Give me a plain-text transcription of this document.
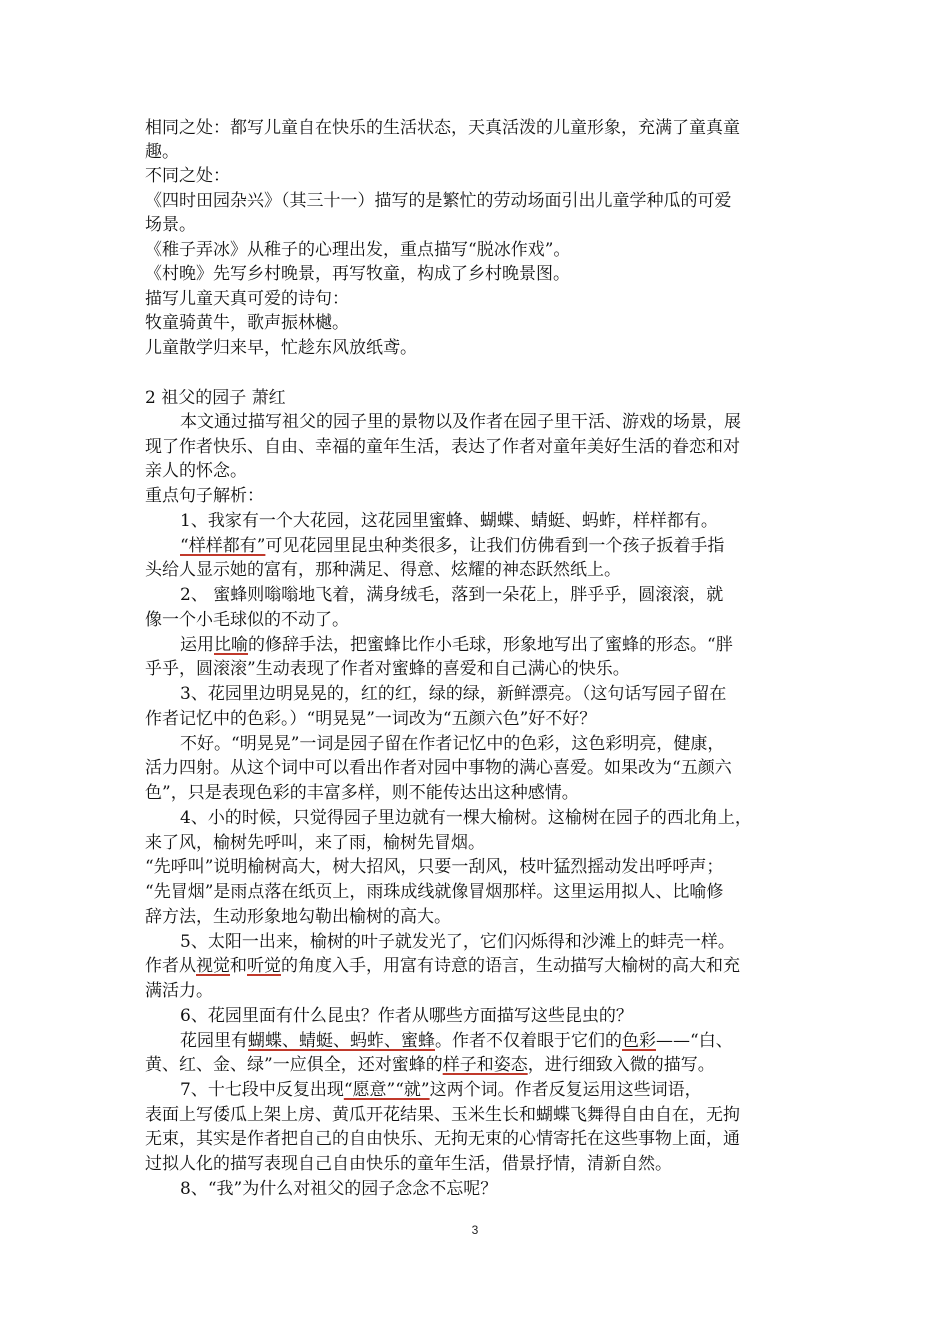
相同之处：都写儿童自在快乐的生活状态，天真活泼的儿童形象，充满了童真童
趣。
不同之处：
《四时田园杂兴》（其三十一）描写的是繁忙的劳动场面引出儿童学种瓜的可爱
场景。
《稚子弄冰》从稚子的心理出发，重点描写“脱冰作戏”。
《村晚》先写乡村晚景，再写牧童，构成了乡村晚景图。
描写儿童天真可爱的诗句：
牧童骑黄牛，歌声振林樾。
儿童散学归来早，忙趁东风放纸鸢。
2 祖父的园子 萧红
本文通过描写祖父的园子里的景物以及作者在园子里干活、游戏的场景，展
现了作者快乐、自由、幸福的童年生活，表达了作者对童年美好生活的眷恋和对
亲人的怀念。
重点句子解析：
1、我家有一个大花园，这花园里蜜蜂、蝴蝶、蜻蜓、蚂蚱，样样都有。
“样样都有”可见花园里昆虫种类很多，让我们仿佛看到一个孩子扳着手指
头给人显示她的富有，那种满足、得意、炫耀的神态跃然纸上。
2、 蜜蜂则嗡嗡地飞着，满身绒毛，落到一朵花上，胖乎乎，圆滚滚，就
像一个小毛球似的不动了。
运用比喻的修辞手法，把蜜蜂比作小毛球，形象地写出了蜜蜂的形态。“胖
乎乎，圆滚滚”生动表现了作者对蜜蜂的喜爱和自己满心的快乐。
3、花园里边明晃晃的，红的红，绿的绿，新鲜漂亮。（这句话写园子留在
作者记忆中的色彩。）“明晃晃”一词改为“五颜六色”好不好？
不好。“明晃晃”一词是园子留在作者记忆中的色彩，这色彩明亮，健康，
活力四射。从这个词中可以看出作者对园中事物的满心喜爱。如果改为“五颜六
色”，只是表现色彩的丰富多样，则不能传达出这种感情。
4、小的时候，只觉得园子里边就有一棵大榆树。这榆树在园子的西北角上，
来了风，榆树先呼叫，来了雨，榆树先冒烟。
“先呼叫”说明榆树高大，树大招风，只要一刮风，枝叶猛烈摇动发出呼呼声；
“先冒烟”是雨点落在纸页上，雨珠成线就像冒烟那样。这里运用拟人、比喻修
辞方法，生动形象地勾勒出榆树的高大。
5、太阳一出来，榆树的叶子就发光了，它们闪烁得和沙滩上的蚌壳一样。
作者从视觉和听觉的角度入手，用富有诗意的语言，生动描写大榆树的高大和充
满活力。
6、花园里面有什么昆虫？作者从哪些方面描写这些昆虫的？
花园里有蝴蝶、蜻蜓、蚂蚱、蜜蜂。作者不仅着眼于它们的色彩——“白、
黄、红、金、绿”一应俱全，还对蜜蜂的样子和姿态，进行细致入微的描写。
7、十七段中反复出现“愿意”“就”这两个词。作者反复运用这些词语，
表面上写倭瓜上架上房、黄瓜开花结果、玉米生长和蝴蝶飞舞得自由自在，无拘
无束，其实是作者把自己的自由快乐、无拘无束的心情寄托在这些事物上面，通
过拟人化的描写表现自己自由快乐的童年生活，借景抒情，清新自然。
8、“我”为什么对祖父的园子念念不忘呢？
3
